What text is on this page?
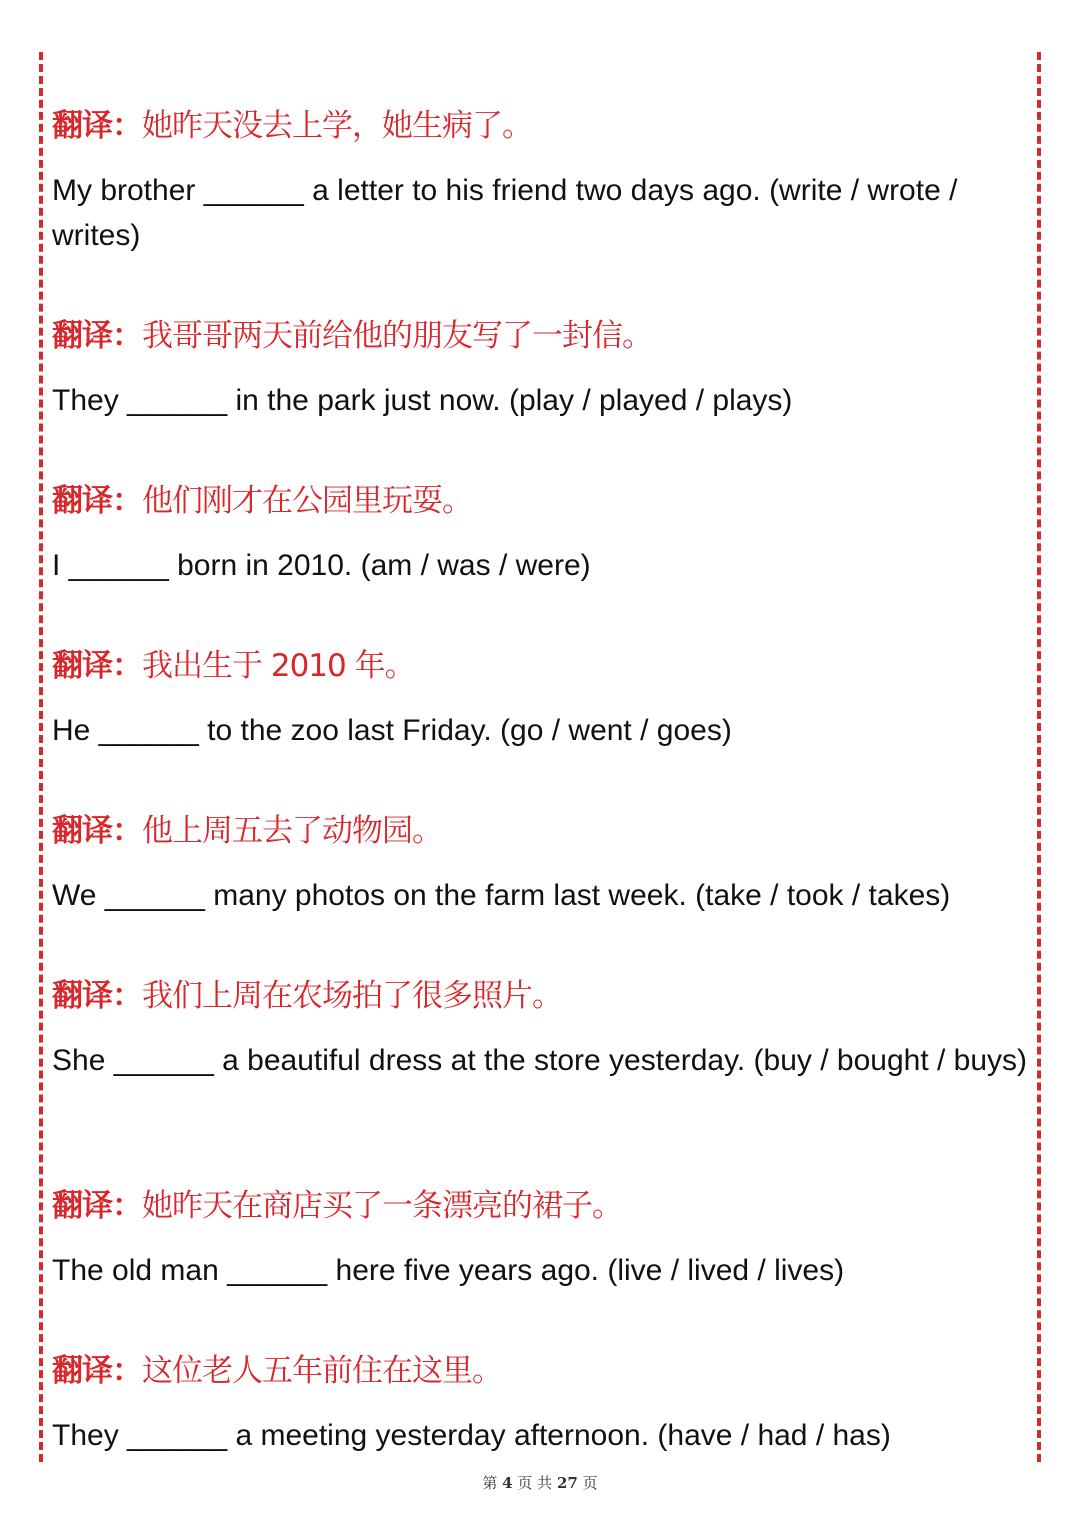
翻译：她昨天没去上学，她生病了。
My brother ______ a letter to his friend two days ago. (write / wrote / writes)
翻译：我哥哥两天前给他的朋友写了一封信。
They ______ in the park just now. (play / played / plays)
翻译：他们刚才在公园里玩耍。
I ______ born in 2010. (am / was / were)
翻译：我出生于 2010 年。
He ______ to the zoo last Friday. (go / went / goes)
翻译：他上周五去了动物园。
We ______ many photos on the farm last week. (take / took / takes)
翻译：我们上周在农场拍了很多照片。
She ______ a beautiful dress at the store yesterday. (buy / bought / buys)
翻译：她昨天在商店买了一条漂亮的裙子。
The old man ______ here five years ago. (live / lived / lives)
翻译：这位老人五年前住在这里。
They ______ a meeting yesterday afternoon. (have / had / has)
第 4 页 共 27 页
